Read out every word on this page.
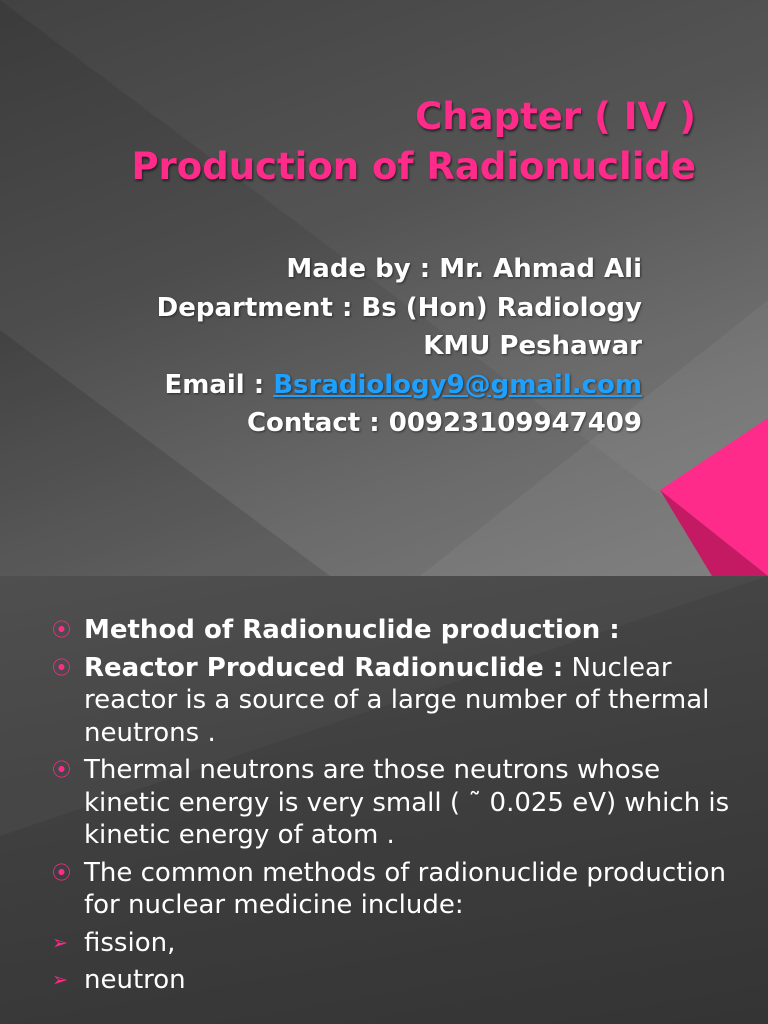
Chapter ( IV )
Production of Radionuclide
Made by : Mr. Ahmad Ali
Department : Bs (Hon) Radiology
KMU Peshawar
Email : Bsradiology9@gmail.com
Contact : 00923109947409
⦿ Method of Radionuclide production :
⦿ Reactor Produced Radionuclide : Nuclear reactor is a source of a large number of thermal neutrons .
⦿ Thermal neutrons are those neutrons whose kinetic energy is very small ( ˜ 0.025 eV) which is kinetic energy of atom .
⦿ The common methods of radionuclide production for nuclear medicine include:
➢ fission,
➢ neutron
